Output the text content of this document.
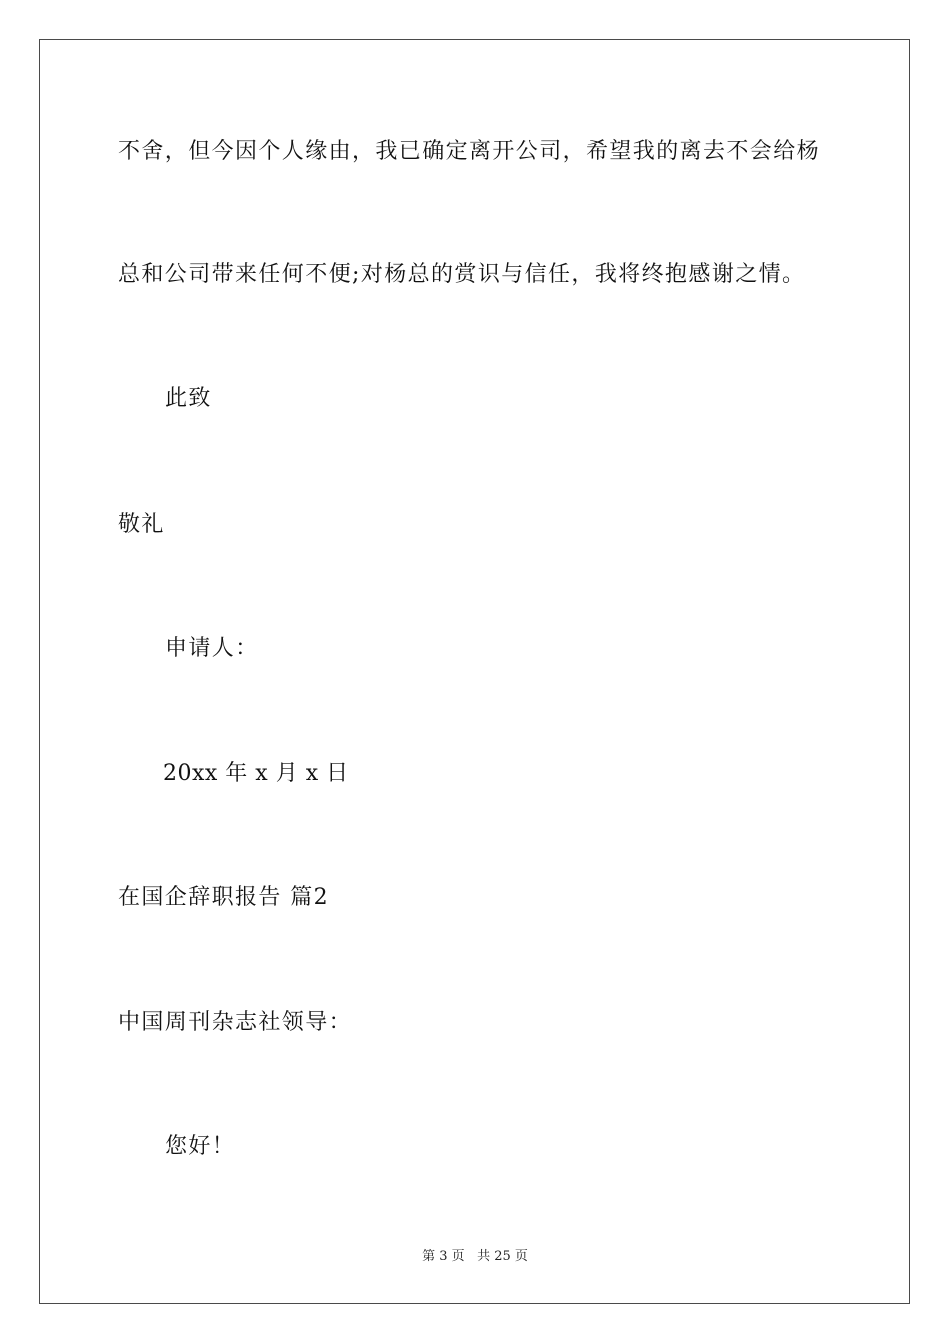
不舍，但今因个人缘由，我已确定离开公司，希望我的离去不会给杨
总和公司带来任何不便;对杨总的赏识与信任，我将终抱感谢之情。
此致
敬礼
申请人：
20xx 年 x 月 x 日
在国企辞职报告 篇2
中国周刊杂志社领导：
您好！
第 3 页 共 25 页
